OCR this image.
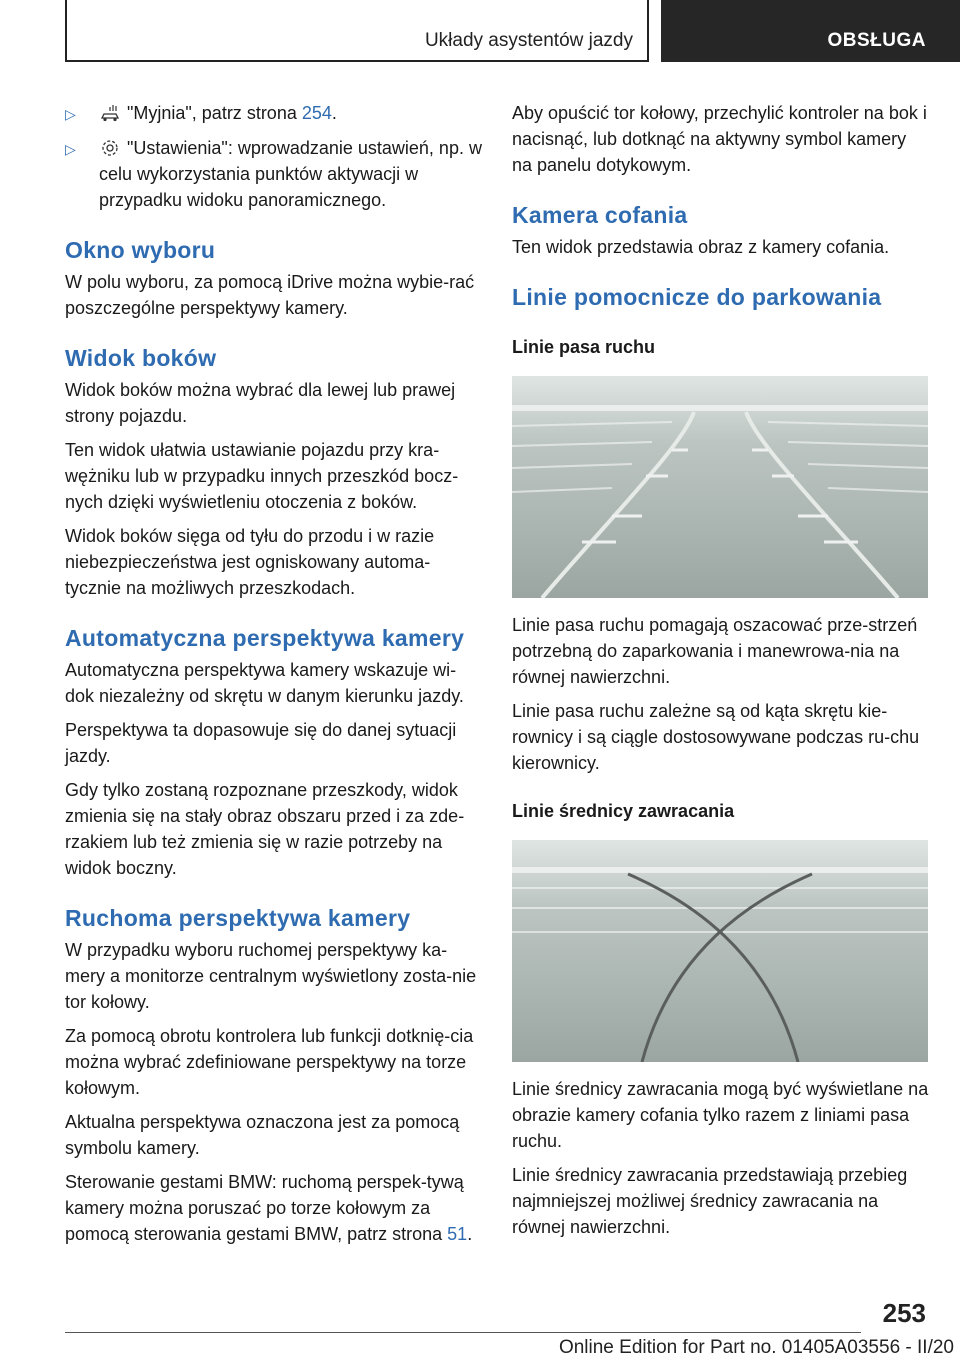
Układy asystentów jazdy	OBSŁUGA
▷	"Myjnia", patrz strona 254.
▷	"Ustawienia": wprowadzanie ustawień, np. w celu wykorzystania punktów aktywacji w przypadku widoku panoramicznego.
Okno wyboru

W polu wyboru, za pomocą iDrive można wybie-rać poszczególne perspektywy kamery.

Widok boków

Widok boków można wybrać dla lewej lub prawej strony pojazdu.

Ten widok ułatwia ustawianie pojazdu przy kra-wężniku lub w przypadku innych przeszkód bocz-nych dzięki wyświetleniu otoczenia z boków.

Widok boków sięga od tyłu do przodu i w razie niebezpieczeństwa jest ogniskowany automa-tycznie na możliwych przeszkodach.

Automatyczna perspektywa kamery

Automatyczna perspektywa kamery wskazuje wi-dok niezależny od skrętu w danym kierunku jazdy.

Perspektywa ta dopasowuje się do danej sytuacji jazdy.

Gdy tylko zostaną rozpoznane przeszkody, widok zmienia się na stały obraz obszaru przed i za zde-rzakiem lub też zmienia się w razie potrzeby na widok boczny.

Ruchoma perspektywa kamery

W przypadku wyboru ruchomej perspektywy ka-mery a monitorze centralnym wyświetlony zosta-nie tor kołowy.

Za pomocą obrotu kontrolera lub funkcji dotknię-cia można wybrać zdefiniowane perspektywy na torze kołowym.

Aktualna perspektywa oznaczona jest za pomocą symbolu kamery.

Sterowanie gestami BMW: ruchomą perspek-tywą kamery można poruszać po torze kołowym za pomocą sterowania gestami BMW, patrz strona 51.

Aby opuścić tor kołowy, przechylić kontroler na bok i nacisnąć, lub dotknąć na aktywny symbol kamery na panelu dotykowym.

Kamera cofania

Ten widok przedstawia obraz z kamery cofania.

Linie pomocnicze do parkowania
Linie pasa ruchu

Linie pasa ruchu pomagają oszacować prze-strzeń potrzebną do zaparkowania i manewrowa-nia na równej nawierzchni.

Linie pasa ruchu zależne są od kąta skrętu kie-rownicy i są ciągle dostosowywane podczas ru-chu kierownicy.

Linie średnicy zawracania

Linie średnicy zawracania mogą być wyświetlane na obrazie kamery cofania tylko razem z liniami pasa ruchu.

Linie średnicy zawracania przedstawiają przebieg najmniejszej możliwej średnicy zawracania na równej nawierzchni.

253
Online Edition for Part no. 01405A03556 - II/20
